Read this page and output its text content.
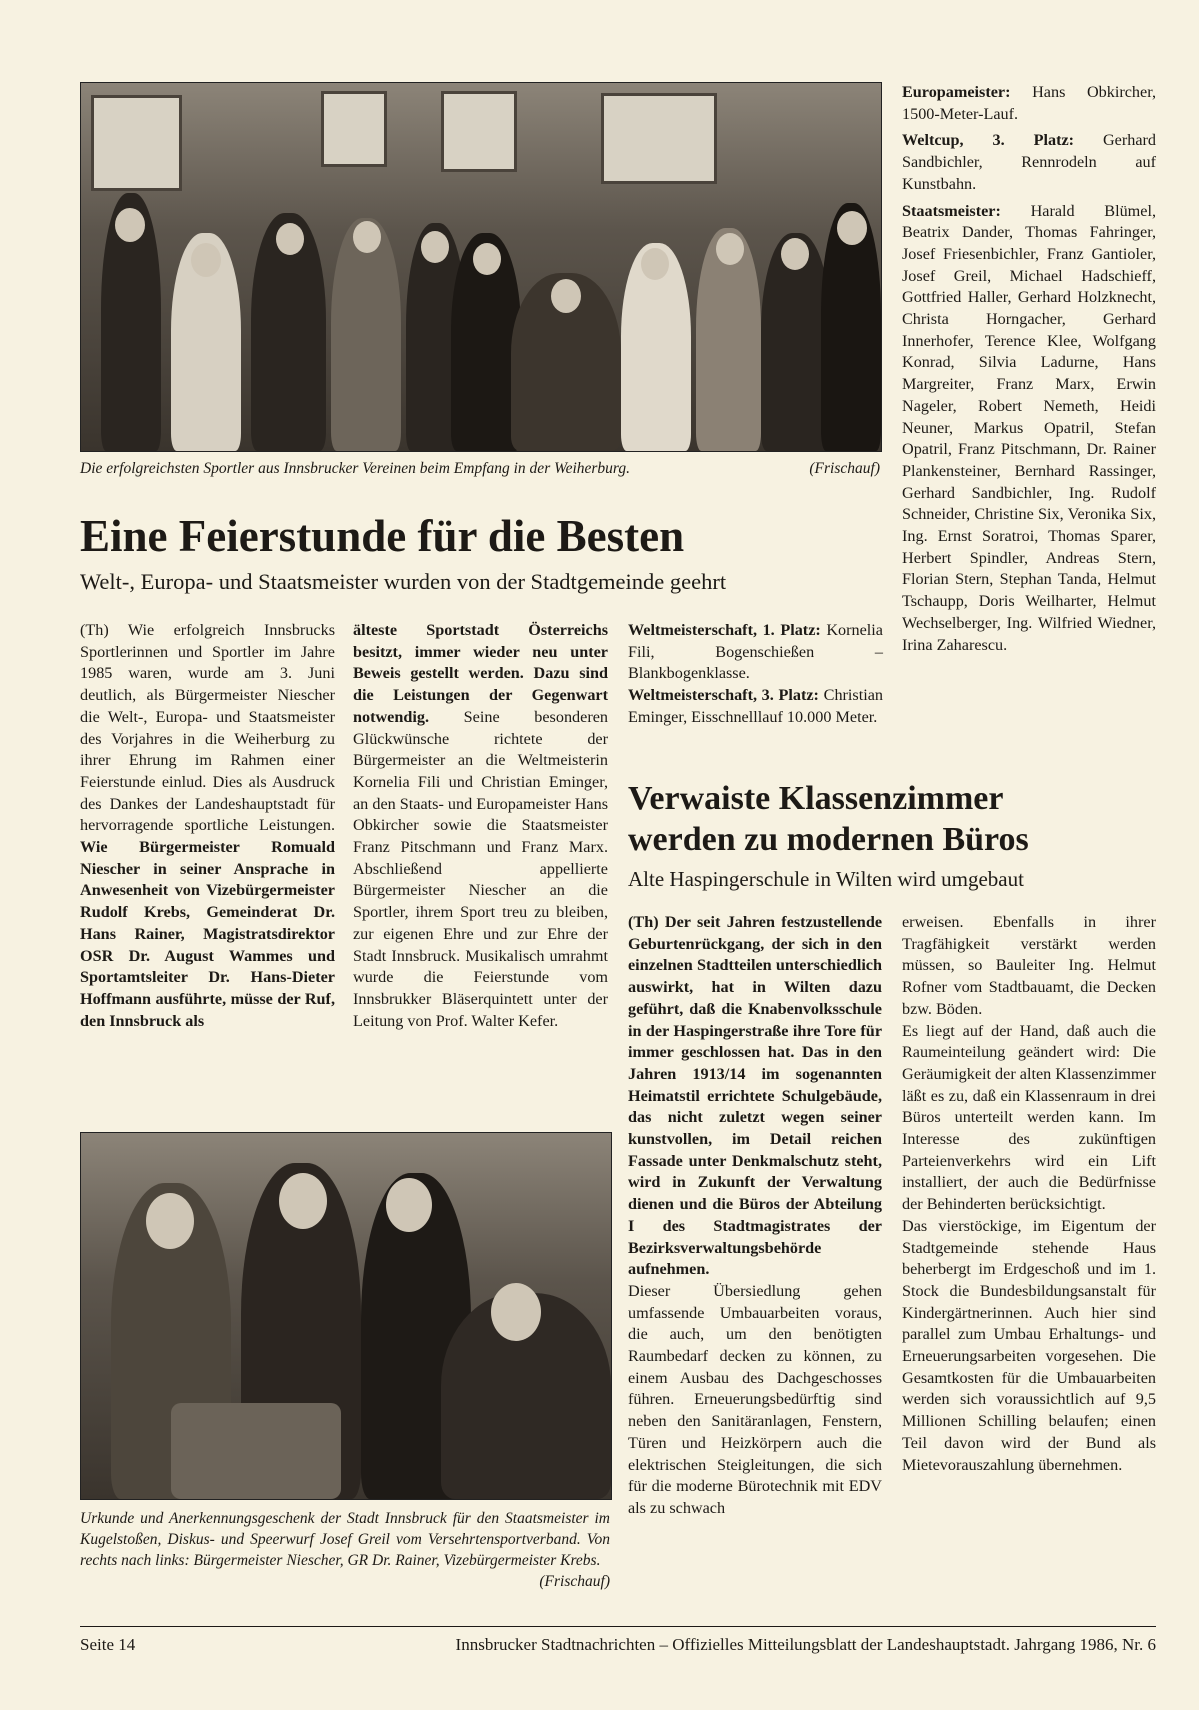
Die erfolgreichsten Sportler aus Innsbrucker Vereinen beim Empfang in der Weiherburg.	(Frischauf)
Eine Feierstunde für die Besten
Welt-, Europa- und Staatsmeister wurden von der Stadtgemeinde geehrt

(Th) Wie erfolgreich Innsbrucks Sportlerinnen und Sportler im Jahre 1985 waren, wurde am 3. Juni deutlich, als Bürgermeister Niescher die Welt-, Europa- und Staatsmeister des Vorjahres in die Weiherburg zu ihrer Ehrung im Rahmen einer Feierstunde einlud. Dies als Ausdruck des Dankes der Landeshauptstadt für hervorragende sportliche Leistungen. Wie Bürgermeister Romuald Niescher in seiner Ansprache in Anwesenheit von Vizebürgermeister Rudolf Krebs, Gemeinderat Dr. Hans Rainer, Magistratsdirektor OSR Dr. August Wammes und Sportamtsleiter Dr. Hans-Dieter Hoffmann ausführte, müsse der Ruf, den Innsbruck als

älteste Sportstadt Österreichs besitzt, immer wieder neu unter Beweis gestellt werden. Dazu sind die Leistungen der Gegenwart notwendig. Seine besonderen Glückwünsche richtete der Bürgermeister an die Weltmeisterin Kornelia Fili und Christian Eminger, an den Staats- und Europameister Hans Obkircher sowie die Staatsmeister Franz Pitschmann und Franz Marx. Abschließend appellierte Bürgermeister Niescher an die Sportler, ihrem Sport treu zu bleiben, zur eigenen Ehre und zur Ehre der Stadt Innsbruck. Musikalisch umrahmt wurde die Feierstunde vom Innsbrukker Bläserquintett unter der Leitung von Prof. Walter Kefer.

Weltmeisterschaft, 1. Platz: Kornelia Fili, Bogenschießen – Blankbogenklasse.

Weltmeisterschaft, 3. Platz: Christian Eminger, Eisschnelllauf 10.000 Meter.

Europameister: Hans Obkircher, 1500-Meter-Lauf.

Weltcup, 3. Platz: Gerhard Sandbichler, Rennrodeln auf Kunstbahn.

Staatsmeister: Harald Blümel, Beatrix Dander, Thomas Fahringer, Josef Friesenbichler, Franz Gantioler, Josef Greil, Michael Hadschieff, Gottfried Haller, Gerhard Holzknecht, Christa Horngacher, Gerhard Innerhofer, Terence Klee, Wolfgang Konrad, Silvia Ladurne, Hans Margreiter, Franz Marx, Erwin Nageler, Robert Nemeth, Heidi Neuner, Markus Opatril, Stefan Opatril, Franz Pitschmann, Dr. Rainer Plankensteiner, Bernhard Rassinger, Gerhard Sandbichler, Ing. Rudolf Schneider, Christine Six, Veronika Six, Ing. Ernst Soratroi, Thomas Sparer, Herbert Spindler, Andreas Stern, Florian Stern, Stephan Tanda, Helmut Tschaupp, Doris Weilharter, Helmut Wechselberger, Ing. Wilfried Wiedner, Irina Zaharescu.

Urkunde und Anerkennungsgeschenk der Stadt Innsbruck für den Staatsmeister im Kugelstoßen, Diskus- und Speerwurf Josef Greil vom Versehrtensportverband. Von rechts nach links: Bürgermeister Niescher, GR Dr. Rainer, Vizebürgermeister Krebs.
(Frischauf)
Verwaiste Klassenzimmer
werden zu modernen Büros
Alte Haspingerschule in Wilten wird umgebaut

(Th) Der seit Jahren festzustellende Geburtenrückgang, der sich in den einzelnen Stadtteilen unterschiedlich auswirkt, hat in Wilten dazu geführt, daß die Knabenvolksschule in der Haspingerstraße ihre Tore für immer geschlossen hat. Das in den Jahren 1913/14 im sogenannten Heimatstil errichtete Schulgebäude, das nicht zuletzt wegen seiner kunstvollen, im Detail reichen Fassade unter Denkmalschutz steht, wird in Zukunft der Verwaltung dienen und die Büros der Abteilung I des Stadtmagistrates der Bezirksverwaltungsbehörde aufnehmen.

Dieser Übersiedlung gehen umfassende Umbauarbeiten voraus, die auch, um den benötigten Raumbedarf decken zu können, zu einem Ausbau des Dachgeschosses führen. Erneuerungsbedürftig sind neben den Sanitäranlagen, Fenstern, Türen und Heizkörpern auch die elektrischen Steigleitungen, die sich für die moderne Bürotechnik mit EDV als zu schwach

erweisen. Ebenfalls in ihrer Tragfähigkeit verstärkt werden müssen, so Bauleiter Ing. Helmut Rofner vom Stadtbauamt, die Decken bzw. Böden.

Es liegt auf der Hand, daß auch die Raumeinteilung geändert wird: Die Geräumigkeit der alten Klassenzimmer läßt es zu, daß ein Klassenraum in drei Büros unterteilt werden kann. Im Interesse des zukünftigen Parteienverkehrs wird ein Lift installiert, der auch die Bedürfnisse der Behinderten berücksichtigt.

Das vierstöckige, im Eigentum der Stadtgemeinde stehende Haus beherbergt im Erdgeschoß und im 1. Stock die Bundesbildungsanstalt für Kindergärtnerinnen. Auch hier sind parallel zum Umbau Erhaltungs- und Erneuerungsarbeiten vorgesehen. Die Gesamtkosten für die Umbauarbeiten werden sich voraussichtlich auf 9,5 Millionen Schilling belaufen; einen Teil davon wird der Bund als Mietevorauszahlung übernehmen.

Seite 14	Innsbrucker Stadtnachrichten – Offizielles Mitteilungsblatt der Landeshauptstadt. Jahrgang 1986, Nr. 6
